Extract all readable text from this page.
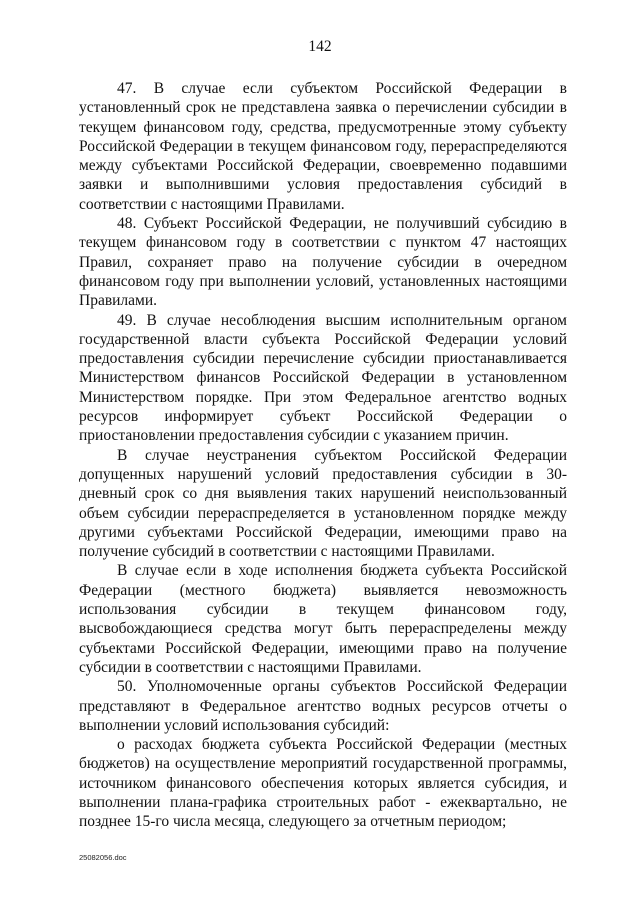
142

47. В случае если субъектом Российской Федерации в установленный срок не представлена заявка о перечислении субсидии в текущем финансовом году, средства, предусмотренные этому субъекту Российской Федерации в текущем финансовом году, перераспределяются между субъектами Российской Федерации, своевременно подавшими заявки и выполнившими условия предоставления субсидий в соответствии с настоящими Правилами.

48. Субъект Российской Федерации, не получивший субсидию в текущем финансовом году в соответствии с пунктом 47 настоящих Правил, сохраняет право на получение субсидии в очередном финансовом году при выполнении условий, установленных настоящими Правилами.

49. В случае несоблюдения высшим исполнительным органом государственной власти субъекта Российской Федерации условий предоставления субсидии перечисление субсидии приостанавливается Министерством финансов Российской Федерации в установленном Министерством порядке. При этом Федеральное агентство водных ресурсов информирует субъект Российской Федерации о приостановлении предоставления субсидии с указанием причин.

В случае неустранения субъектом Российской Федерации допущенных нарушений условий предоставления субсидии в 30-дневный срок со дня выявления таких нарушений неиспользованный объем субсидии перераспределяется в установленном порядке между другими субъектами Российской Федерации, имеющими право на получение субсидий в соответствии с настоящими Правилами.

В случае если в ходе исполнения бюджета субъекта Российской Федерации (местного бюджета) выявляется невозможность использования субсидии в текущем финансовом году, высвобождающиеся средства могут быть перераспределены между субъектами Российской Федерации, имеющими право на получение субсидии в соответствии с настоящими Правилами.

50. Уполномоченные органы субъектов Российской Федерации представляют в Федеральное агентство водных ресурсов отчеты о выполнении условий использования субсидий:

о расходах бюджета субъекта Российской Федерации (местных бюджетов) на осуществление мероприятий государственной программы, источником финансового обеспечения которых является субсидия, и выполнении плана-графика строительных работ - ежеквартально, не позднее 15-го числа месяца, следующего за отчетным периодом;

25082056.doc
